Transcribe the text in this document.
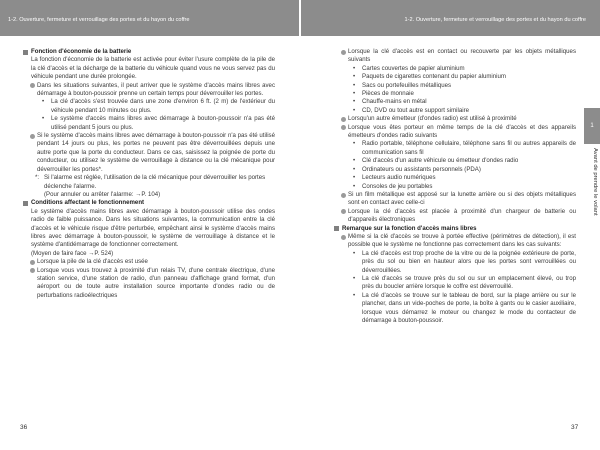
1-2. Ouverture, fermeture et verrouillage des portes et du hayon du coffre	1-2. Ouverture, fermeture et verrouillage des portes et du hayon du coffre
Fonction d'économie de la batterie

La fonction d'économie de la batterie est activée pour éviter l'usure complète de la pile de la clé d'accès et la décharge de la batterie du véhicule quand vous ne vous servez pas du véhicule pendant une durée prolongée.

Dans les situations suivantes, il peut arriver que le système d'accès mains libres avec démarrage à bouton-poussoir prenne un certain temps pour déverrouiller les portes.
•	La clé d'accès s'est trouvée dans une zone d'environ 6 ft. (2 m) de l'extérieur du véhicule pendant 10 minutes ou plus.
•	Le système d'accès mains libres avec démarrage à bouton-poussoir n'a pas été utilisé pendant 5 jours ou plus.
Si le système d'accès mains libres avec démarrage à bouton-poussoir n'a pas été utilisé pendant 14 jours ou plus, les portes ne peuvent pas être déverrouillées depuis une autre porte que la porte du conducteur. Dans ce cas, saisissez la poignée de porte du conducteur, ou utilisez le système de verrouillage à distance ou la clé mécanique pour déverrouiller les portes*.
*: Si l'alarme est réglée, l'utilisation de la clé mécanique pour déverrouiller les portes déclenche l'alarme.
(Pour annuler ou arrêter l'alarme: →P. 104)
Conditions affectant le fonctionnement

Le système d'accès mains libres avec démarrage à bouton-poussoir utilise des ondes radio de faible puissance. Dans les situations suivantes, la communication entre la clé d'accès et le véhicule risque d'être perturbée, empêchant ainsi le système d'accès mains libres avec démarrage à bouton-poussoir, le système de verrouillage à distance et le système d'antidémarrage de fonctionner correctement.
(Moyen de faire face →P. 524)

Lorsque la pile de la clé d'accès est usée
Lorsque vous vous trouvez à proximité d'un relais TV, d'une centrale électrique, d'une station service, d'une station de radio, d'un panneau d'affichage grand format, d'un aéroport ou de toute autre installation source importante d'ondes radio ou de perturbations radioélectriques
Lorsque la clé d'accès est en contact ou recouverte par les objets métalliques suivants
•	Cartes couvertes de papier aluminium
•	Paquets de cigarettes contenant du papier aluminium
•	Sacs ou portefeuilles métalliques
•	Pièces de monnaie
•	Chauffe-mains en métal
•	CD, DVD ou tout autre support similaire
Lorsqu'un autre émetteur (d'ondes radio) est utilisé à proximité
Lorsque vous êtes porteur en même temps de la clé d'accès et des appareils émetteurs d'ondes radio suivants
•	Radio portable, téléphone cellulaire, téléphone sans fil ou autres appareils de communication sans fil
•	Clé d'accès d'un autre véhicule ou émetteur d'ondes radio
•	Ordinateurs ou assistants personnels (PDA)
•	Lecteurs audio numériques
•	Consoles de jeu portables
Si un film métallique est apposé sur la lunette arrière ou si des objets métalliques sont en contact avec celle-ci
Lorsque la clé d'accès est placée à proximité d'un chargeur de batterie ou d'appareils électroniques
Remarque sur la fonction d'accès mains libres
Même si la clé d'accès se trouve à portée effective (périmètres de détection), il est possible que le système ne fonctionne pas correctement dans les cas suivants:
•	La clé d'accès est trop proche de la vitre ou de la poignée extérieure de porte, près du sol ou bien en hauteur alors que les portes sont verrouillées ou déverrouillées.
•	La clé d'accès se trouve près du sol ou sur un emplacement élevé, ou trop près du boucler arrière lorsque le coffre est déverrouillé.
•	La clé d'accès se trouve sur le tableau de bord, sur la plage arrière ou sur le plancher, dans un vide-poches de porte, la boîte à gants ou le casier auxiliaire, lorsque vous démarrez le moteur ou changez le mode du contacteur de démarrage à bouton-poussoir.
1
Avant de prendre le volant
36	37
